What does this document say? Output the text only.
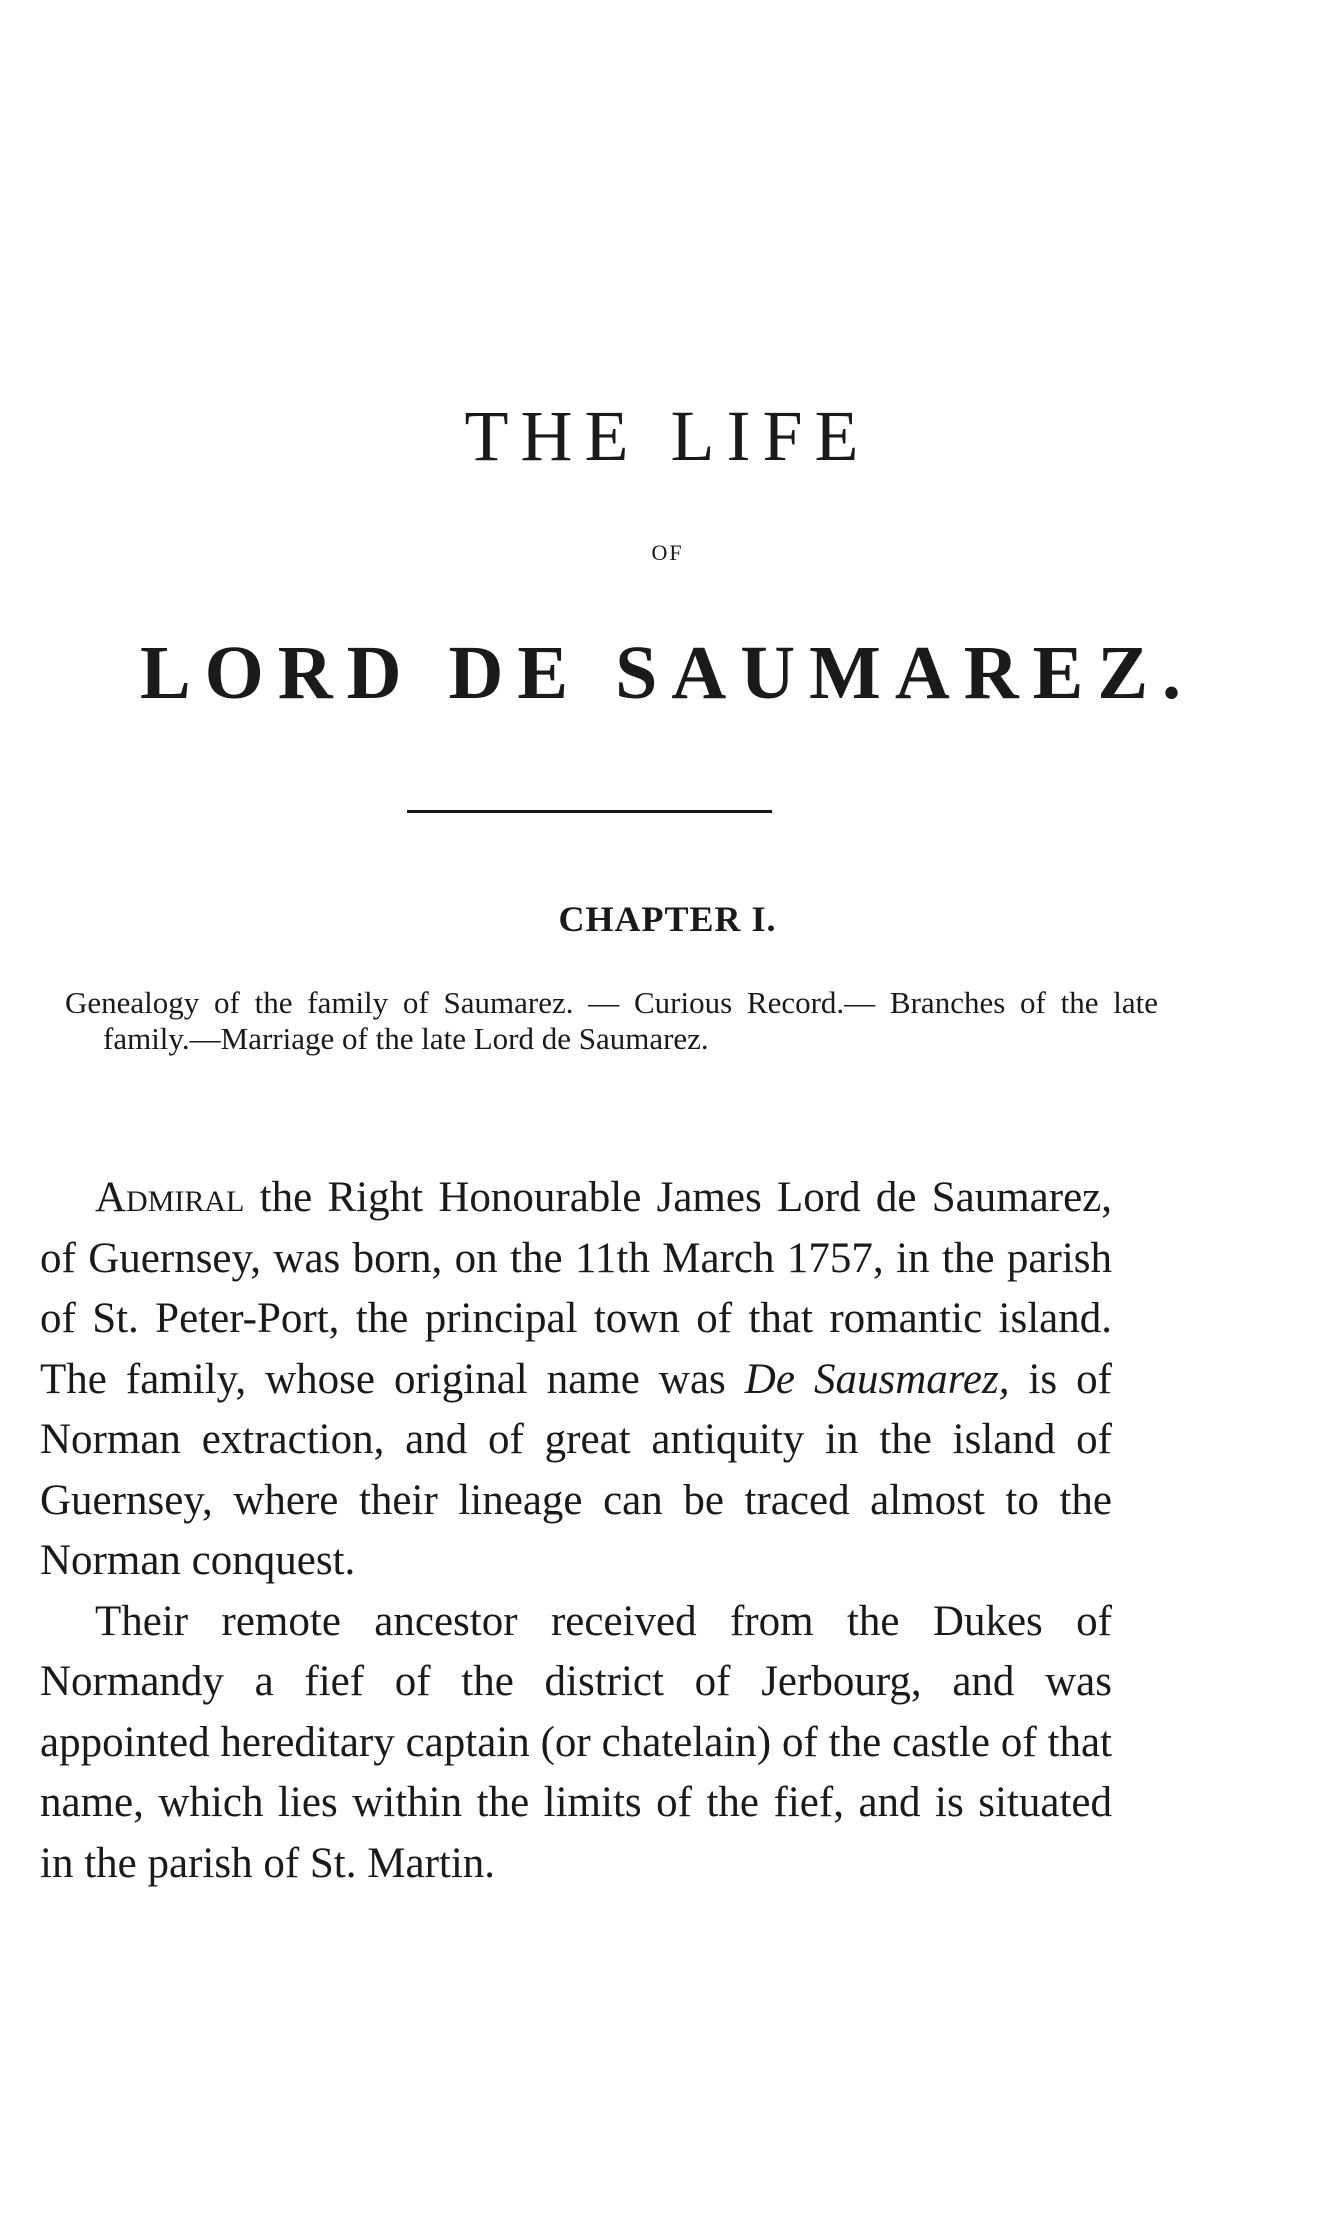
THE LIFE
OF
LORD DE SAUMAREZ.
CHAPTER I.

Genealogy of the family of Saumarez. — Curious Record.— Branches of the late family.—Marriage of the late Lord de Saumarez.

Admiral the Right Honourable James Lord de Saumarez, of Guernsey, was born, on the 11th March 1757, in the parish of St. Peter-Port, the principal town of that romantic island. The family, whose original name was De Sausmarez, is of Norman extraction, and of great antiquity in the island of Guernsey, where their lineage can be traced almost to the Norman conquest.

Their remote ancestor received from the Dukes of Normandy a fief of the district of Jerbourg, and was appointed hereditary captain (or chatelain) of the castle of that name, which lies within the limits of the fief, and is situated in the parish of St. Martin.
